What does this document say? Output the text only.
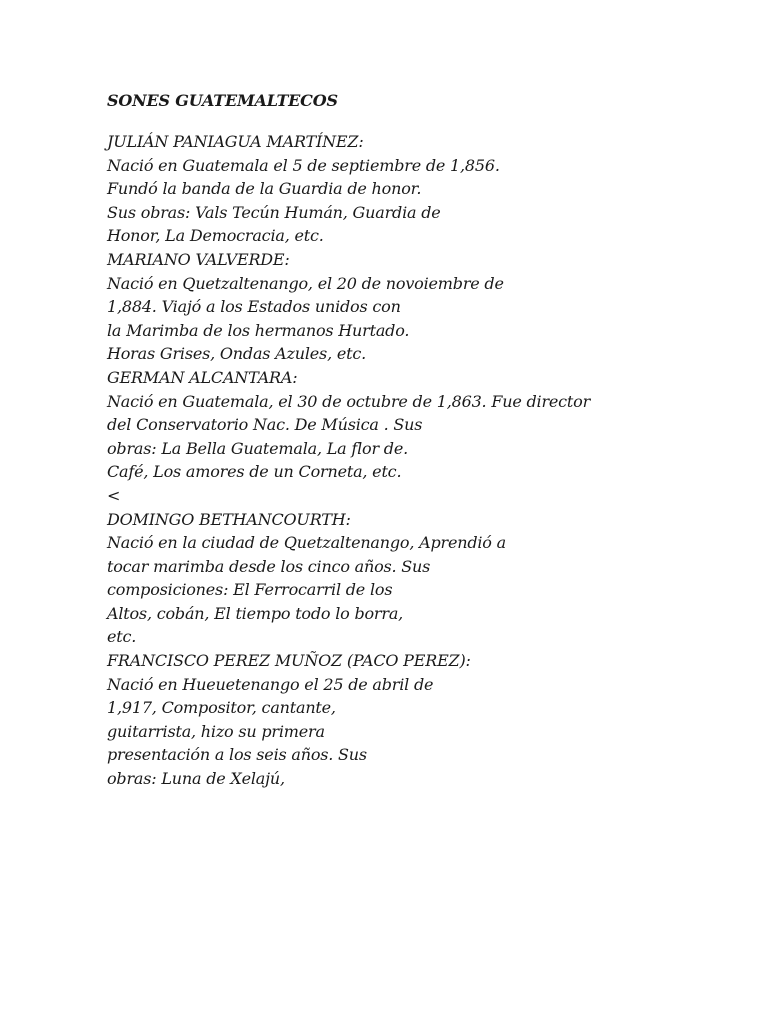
SONES GUATEMALTECOS
JULIÁN PANIAGUA MARTÍNEZ:
Nació en Guatemala el 5 de septiembre de 1,856.
Fundó la banda de la Guardia de honor.
Sus obras: Vals Tecún Humán, Guardia de
Honor, La Democracia, etc.
MARIANO VALVERDE:
Nació en Quetzaltenango, el 20 de novoiembre de
1,884. Viajó a los Estados unidos con
la Marimba de los hermanos Hurtado.
Horas Grises, Ondas Azules, etc.
GERMAN ALCANTARA:
Nació en Guatemala, el 30 de octubre de 1,863. Fue director
del Conservatorio Nac. De Música . Sus
obras: La Bella Guatemala, La flor de.
Café, Los amores de un Corneta, etc.
<
DOMINGO BETHANCOURTH:
Nació en la ciudad de Quetzaltenango, Aprendió a
tocar marimba desde los cinco años. Sus
composiciones: El Ferrocarril de los
Altos, cobán, El tiempo todo lo borra,
etc.
FRANCISCO PEREZ MUÑOZ (PACO PEREZ):
Nació en Hueuetenango el 25 de abril de
1,917, Compositor, cantante,
guitarrista, hizo su primera
presentación a los seis años. Sus
obras: Luna de Xelajú,
